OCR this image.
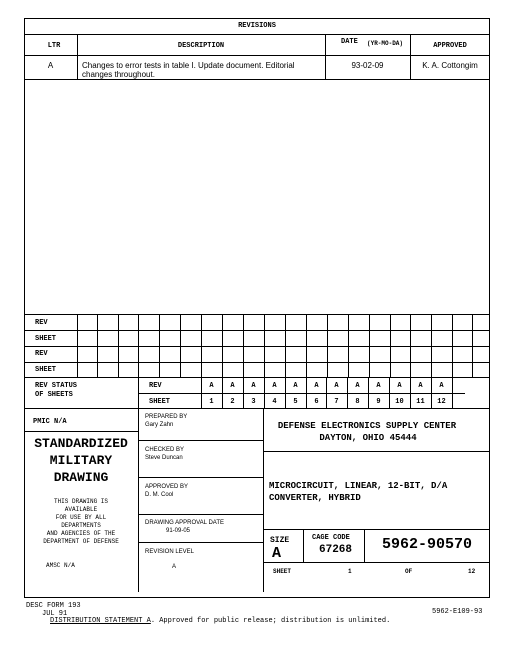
REVISIONS
LTR	DESCRIPTION	DATE (YR-MO-DA)	APPROVED
A	Changes to error tests in table I. Update document. Editorial
changes throughout.
93-02-09	K. A. Cottongim
REV
SHEET
REV
SHEET
REV STATUS
OF SHEETS
REV
SHEET
A	A	A	A	A	A	A	A	A	A	A	A
1	2	3	4	5	6	7	8	9	10	11	12
PMIC N/A
STANDARDIZED
MILITARY
DRAWING
THIS DRAWING IS
AVAILABLE
FOR USE BY ALL
DEPARTMENTS
AND AGENCIES OF THE
DEPARTMENT OF DEFENSE
AMSC N/A
PREPARED BY
Gary Zahn
CHECKED BY
Steve Duncan
APPROVED BY
D. M. Cool
DRAWING APPROVAL DATE
91-09-05
REVISION LEVEL
A
DEFENSE ELECTRONICS SUPPLY CENTER
DAYTON, OHIO 45444
MICROCIRCUIT, LINEAR, 12-BIT, D/A
CONVERTER, HYBRID
SIZE
A
CAGE CODE
67268 5962-90570
SHEET	1	OF	12
DESC FORM 193
JUL 91	5962-E109-93
DISTRIBUTION STATEMENT A. Approved for public release; distribution is unlimited.
